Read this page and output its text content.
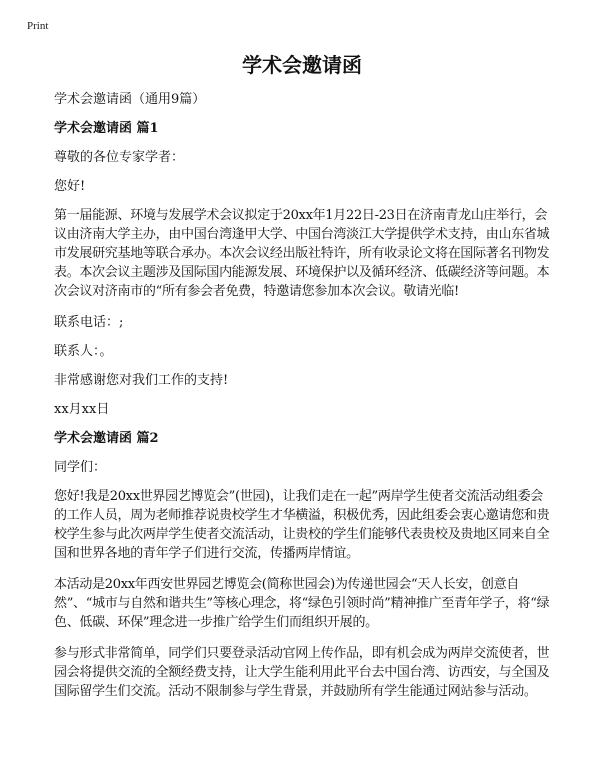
Print
学术会邀请函

学术会邀请函（通用9篇）

学术会邀请函 篇1

尊敬的各位专家学者：

您好!

第一届能源、环境与发展学术会议拟定于20xx年1月22日-23日在济南青龙山庄举行，会议由济南大学主办，由中国台湾逢甲大学、中国台湾淡江大学提供学术支持，由山东省城市发展研究基地等联合承办。本次会议经出版社特许，所有收录论文将在国际著名刊物发表。本次会议主题涉及国际国内能源发展、环境保护以及循环经济、低碳经济等问题。本次会议对济南市的“所有参会者免费，特邀请您参加本次会议。敬请光临!

联系电话：;

联系人：。

非常感谢您对我们工作的支持!

xx月xx日

学术会邀请函 篇2

同学们：

您好!我是20xx世界园艺博览会”(世园)，让我们走在一起”两岸学生使者交流活动组委会的工作人员，周为老师推荐说贵校学生才华横溢，积极优秀，因此组委会衷心邀请您和贵校学生参与此次两岸学生使者交流活动，让贵校的学生们能够代表贵校及贵地区同来自全国和世界各地的青年学子们进行交流，传播两岸情谊。

本活动是20xx年西安世界园艺博览会(简称世园会)为传递世园会“天人长安，创意自然”、“城市与自然和谐共生”等核心理念，将“绿色引领时尚”精神推广至青年学子，将“绿色、低碳、环保”理念进一步推广给学生们而组织开展的。

参与形式非常简单，同学们只要登录活动官网上传作品，即有机会成为两岸交流使者，世园会将提供交流的全额经费支持，让大学生能利用此平台去中国台湾、访西安，与全国及国际留学生们交流。活动不限制参与学生背景，并鼓励所有学生能通过网站参与活动。
